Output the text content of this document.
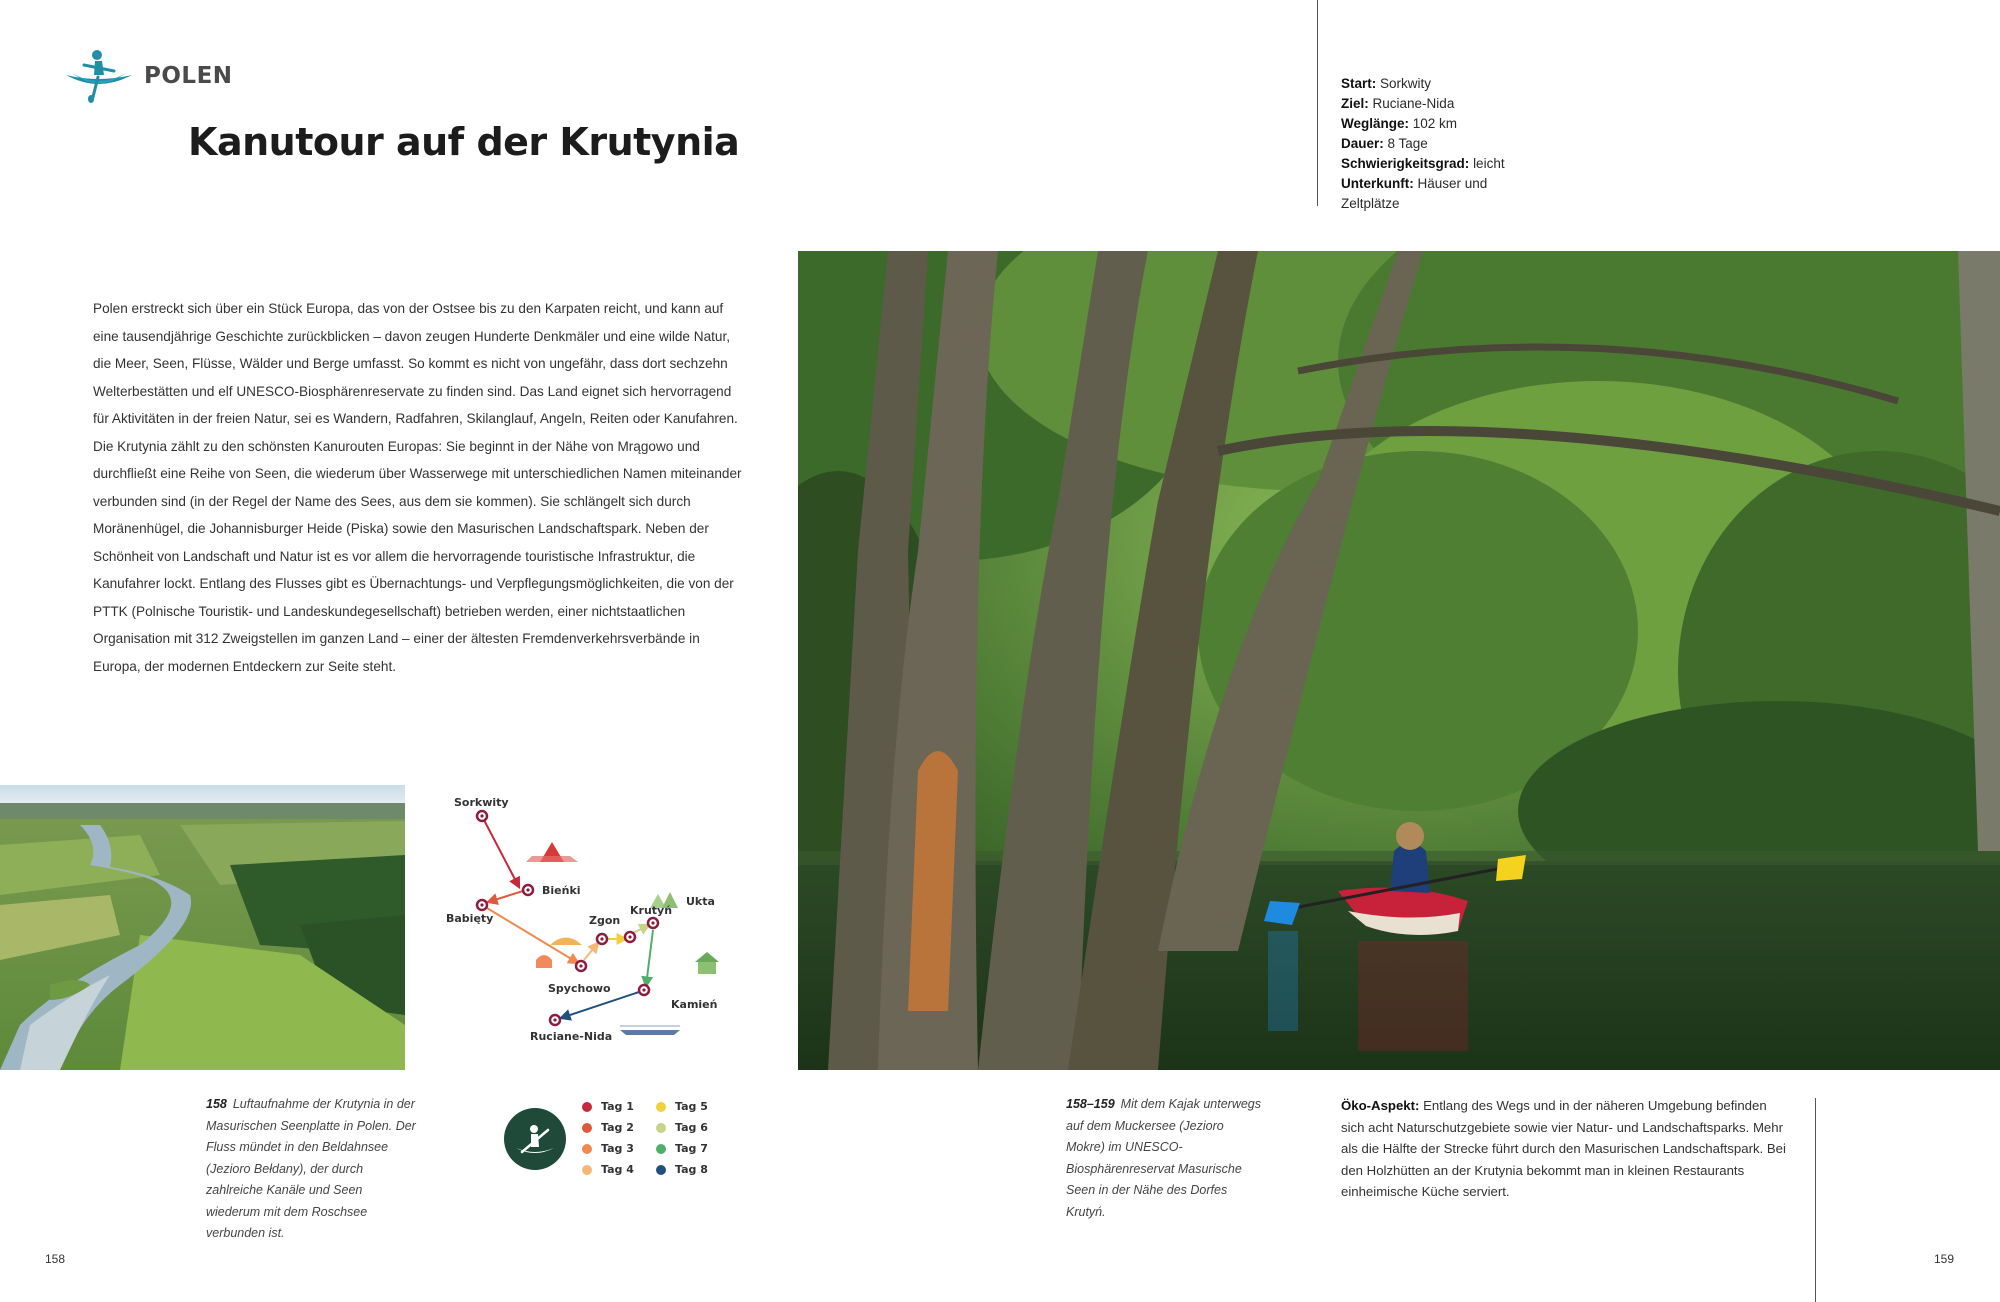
POLEN
Kanutour auf der Krutynia
Start: Sorkwity
Ziel: Ruciane-Nida
Weglänge: 102 km
Dauer: 8 Tage
Schwierigkeitsgrad: leicht
Unterkunft: Häuser und Zeltplätze

Polen erstreckt sich über ein Stück Europa, das von der Ostsee bis zu den Karpaten reicht, und kann auf eine tausendjährige Geschichte zurückblicken – davon zeugen Hunderte Denkmäler und eine wilde Natur, die Meer, Seen, Flüsse, Wälder und Berge umfasst. So kommt es nicht von ungefähr, dass dort sechzehn Welterbestätten und elf UNESCO-Biosphärenreservate zu finden sind. Das Land eignet sich hervorragend für Aktivitäten in der freien Natur, sei es Wandern, Radfahren, Skilanglauf, Angeln, Reiten oder Kanufahren. Die Krutynia zählt zu den schönsten Kanurouten Europas: Sie beginnt in der Nähe von Mrągowo und durchfließt eine Reihe von Seen, die wiederum über Wasserwege mit unterschiedlichen Namen miteinander verbunden sind (in der Regel der Name des Sees, aus dem sie kommen). Sie schlängelt sich durch Moränenhügel, die Johannisburger Heide (Piska) sowie den Masurischen Landschaftspark. Neben der Schönheit von Landschaft und Natur ist es vor allem die hervorragende touristische Infrastruktur, die Kanufahrer lockt. Entlang des Flusses gibt es Übernachtungs- und Verpflegungsmöglichkeiten, die von der PTTK (Polnische Touristik- und Landeskundegesellschaft) betrieben werden, einer nichtstaatlichen Organisation mit 312 Zweigstellen im ganzen Land – einer der ältesten Fremdenverkehrsverbände in Europa, der modernen Entdeckern zur Seite steht.

Sorkwity
Bieńki
Babięty	Zgon
Krutyń
Ukta
Spychowo
Kamień
Ruciane-Nida

158 Luftaufnahme der Krutynia in der Masurischen Seenplatte in Polen. Der Fluss mündet in den Beldahnsee (Jezioro Bełdany), der durch zahlreiche Kanäle und Seen wiederum mit dem Roschsee verbunden ist.

158–159 Mit dem Kajak unterwegs auf dem Muckersee (Jezioro Mokre) im UNESCO-Biosphärenreservat Masurische Seen in der Nähe des Dorfes Krutyń.

Tag 1	Tag 5
Tag 2	Tag 6
Tag 3	Tag 7
Tag 4	Tag 8

Öko-Aspekt: Entlang des Wegs und in der näheren Umgebung befinden sich acht Naturschutzgebiete sowie vier Natur- und Landschaftsparks. Mehr als die Hälfte der Strecke führt durch den Masurischen Landschaftspark. Bei den Holzhütten an der Krutynia bekommt man in kleinen Restaurants einheimische Küche serviert.

158	159
